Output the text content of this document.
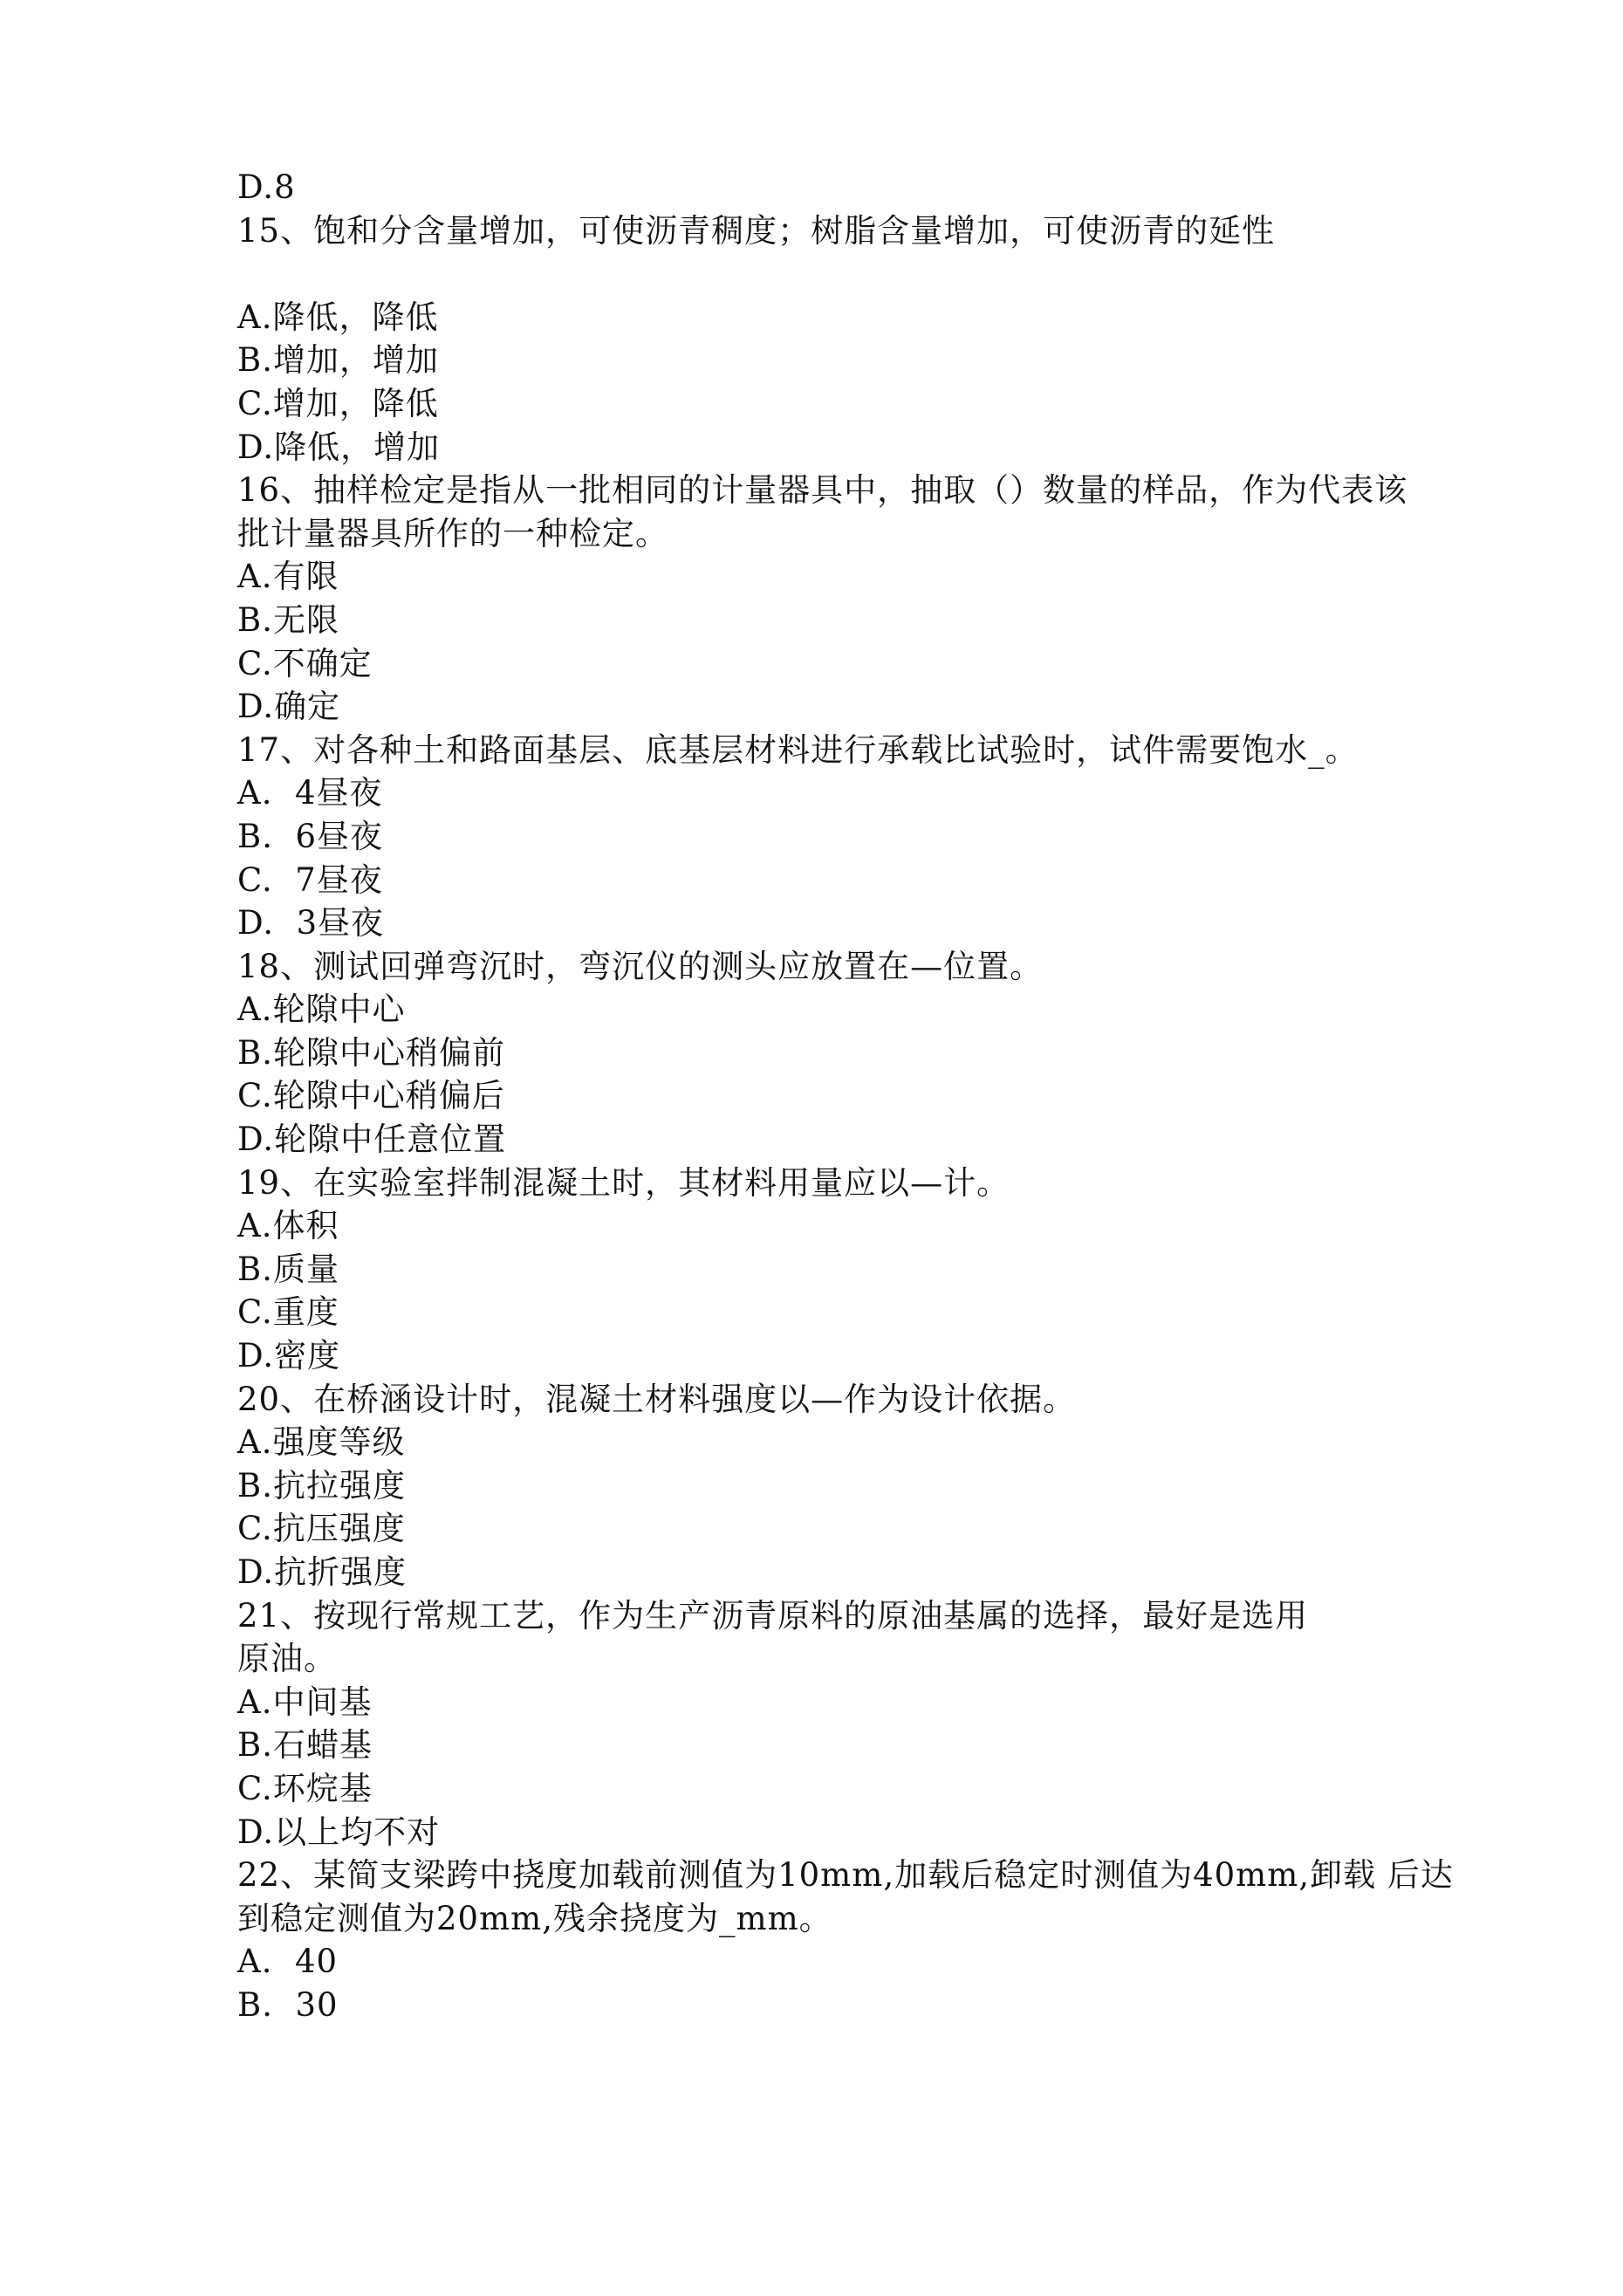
D.8
15、饱和分含量增加，可使沥青稠度；树脂含量增加，可使沥青的延性
A.降低，降低
B.增加，增加
C.增加，降低
D.降低，增加
16、抽样检定是指从一批相同的计量器具中，抽取（）数量的样品，作为代表该
批计量器具所作的一种检定。
A.有限
B.无限
C.不确定
D.确定
17、对各种土和路面基层、底基层材料进行承载比试验时，试件需要饱水_。
A.  4昼夜
B.  6昼夜
C.  7昼夜
D.  3昼夜
18、测试回弹弯沉时，弯沉仪的测头应放置在—位置。
A.轮隙中心
B.轮隙中心稍偏前
C.轮隙中心稍偏后
D.轮隙中任意位置
19、在实验室拌制混凝土时，其材料用量应以—计。
A.体积
B.质量
C.重度
D.密度
20、在桥涵设计时，混凝土材料强度以—作为设计依据。
A.强度等级
B.抗拉强度
C.抗压强度
D.抗折强度
21、按现行常规工艺，作为生产沥青原料的原油基属的选择，最好是选用
原油。
A.中间基
B.石蜡基
C.环烷基
D.以上均不对
22、某简支梁跨中挠度加载前测值为10mm,加载后稳定时测值为40mm,卸载 后达
到稳定测值为20mm,残余挠度为_mm。
A.  40
B.  30
